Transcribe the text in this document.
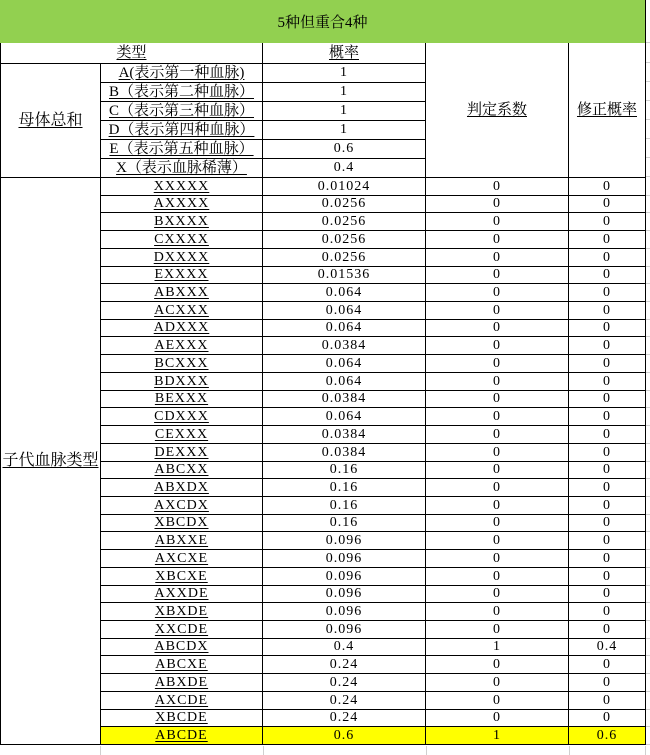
5种但重合4种
类型	概率
判定系数	修正概率
母体总和
子代血脉类型
A(表示第一种血脉)	1
B（表示第二种血脉）	1
C（表示第三种血脉）	1
D（表示第四种血脉）	1
E（表示第五种血脉）	0.6
X（表示血脉稀薄）	0.4
XXXXX	0.01024	0	0
AXXXX	0.0256	0	0
BXXXX	0.0256	0	0
CXXXX	0.0256	0	0
DXXXX	0.0256	0	0
EXXXX	0.01536	0	0
ABXXX	0.064	0	0
ACXXX	0.064	0	0
ADXXX	0.064	0	0
AEXXX	0.0384	0	0
BCXXX	0.064	0	0
BDXXX	0.064	0	0
BEXXX	0.0384	0	0
CDXXX	0.064	0	0
CEXXX	0.0384	0	0
DEXXX	0.0384	0	0
ABCXX	0.16	0	0
ABXDX	0.16	0	0
AXCDX	0.16	0	0
XBCDX	0.16	0	0
ABXXE	0.096	0	0
AXCXE	0.096	0	0
XBCXE	0.096	0	0
AXXDE	0.096	0	0
XBXDE	0.096	0	0
XXCDE	0.096	0	0
ABCDX	0.4	1	0.4
ABCXE	0.24	0	0
ABXDE	0.24	0	0
AXCDE	0.24	0	0
XBCDE	0.24	0	0
ABCDE	0.6	1	0.6
